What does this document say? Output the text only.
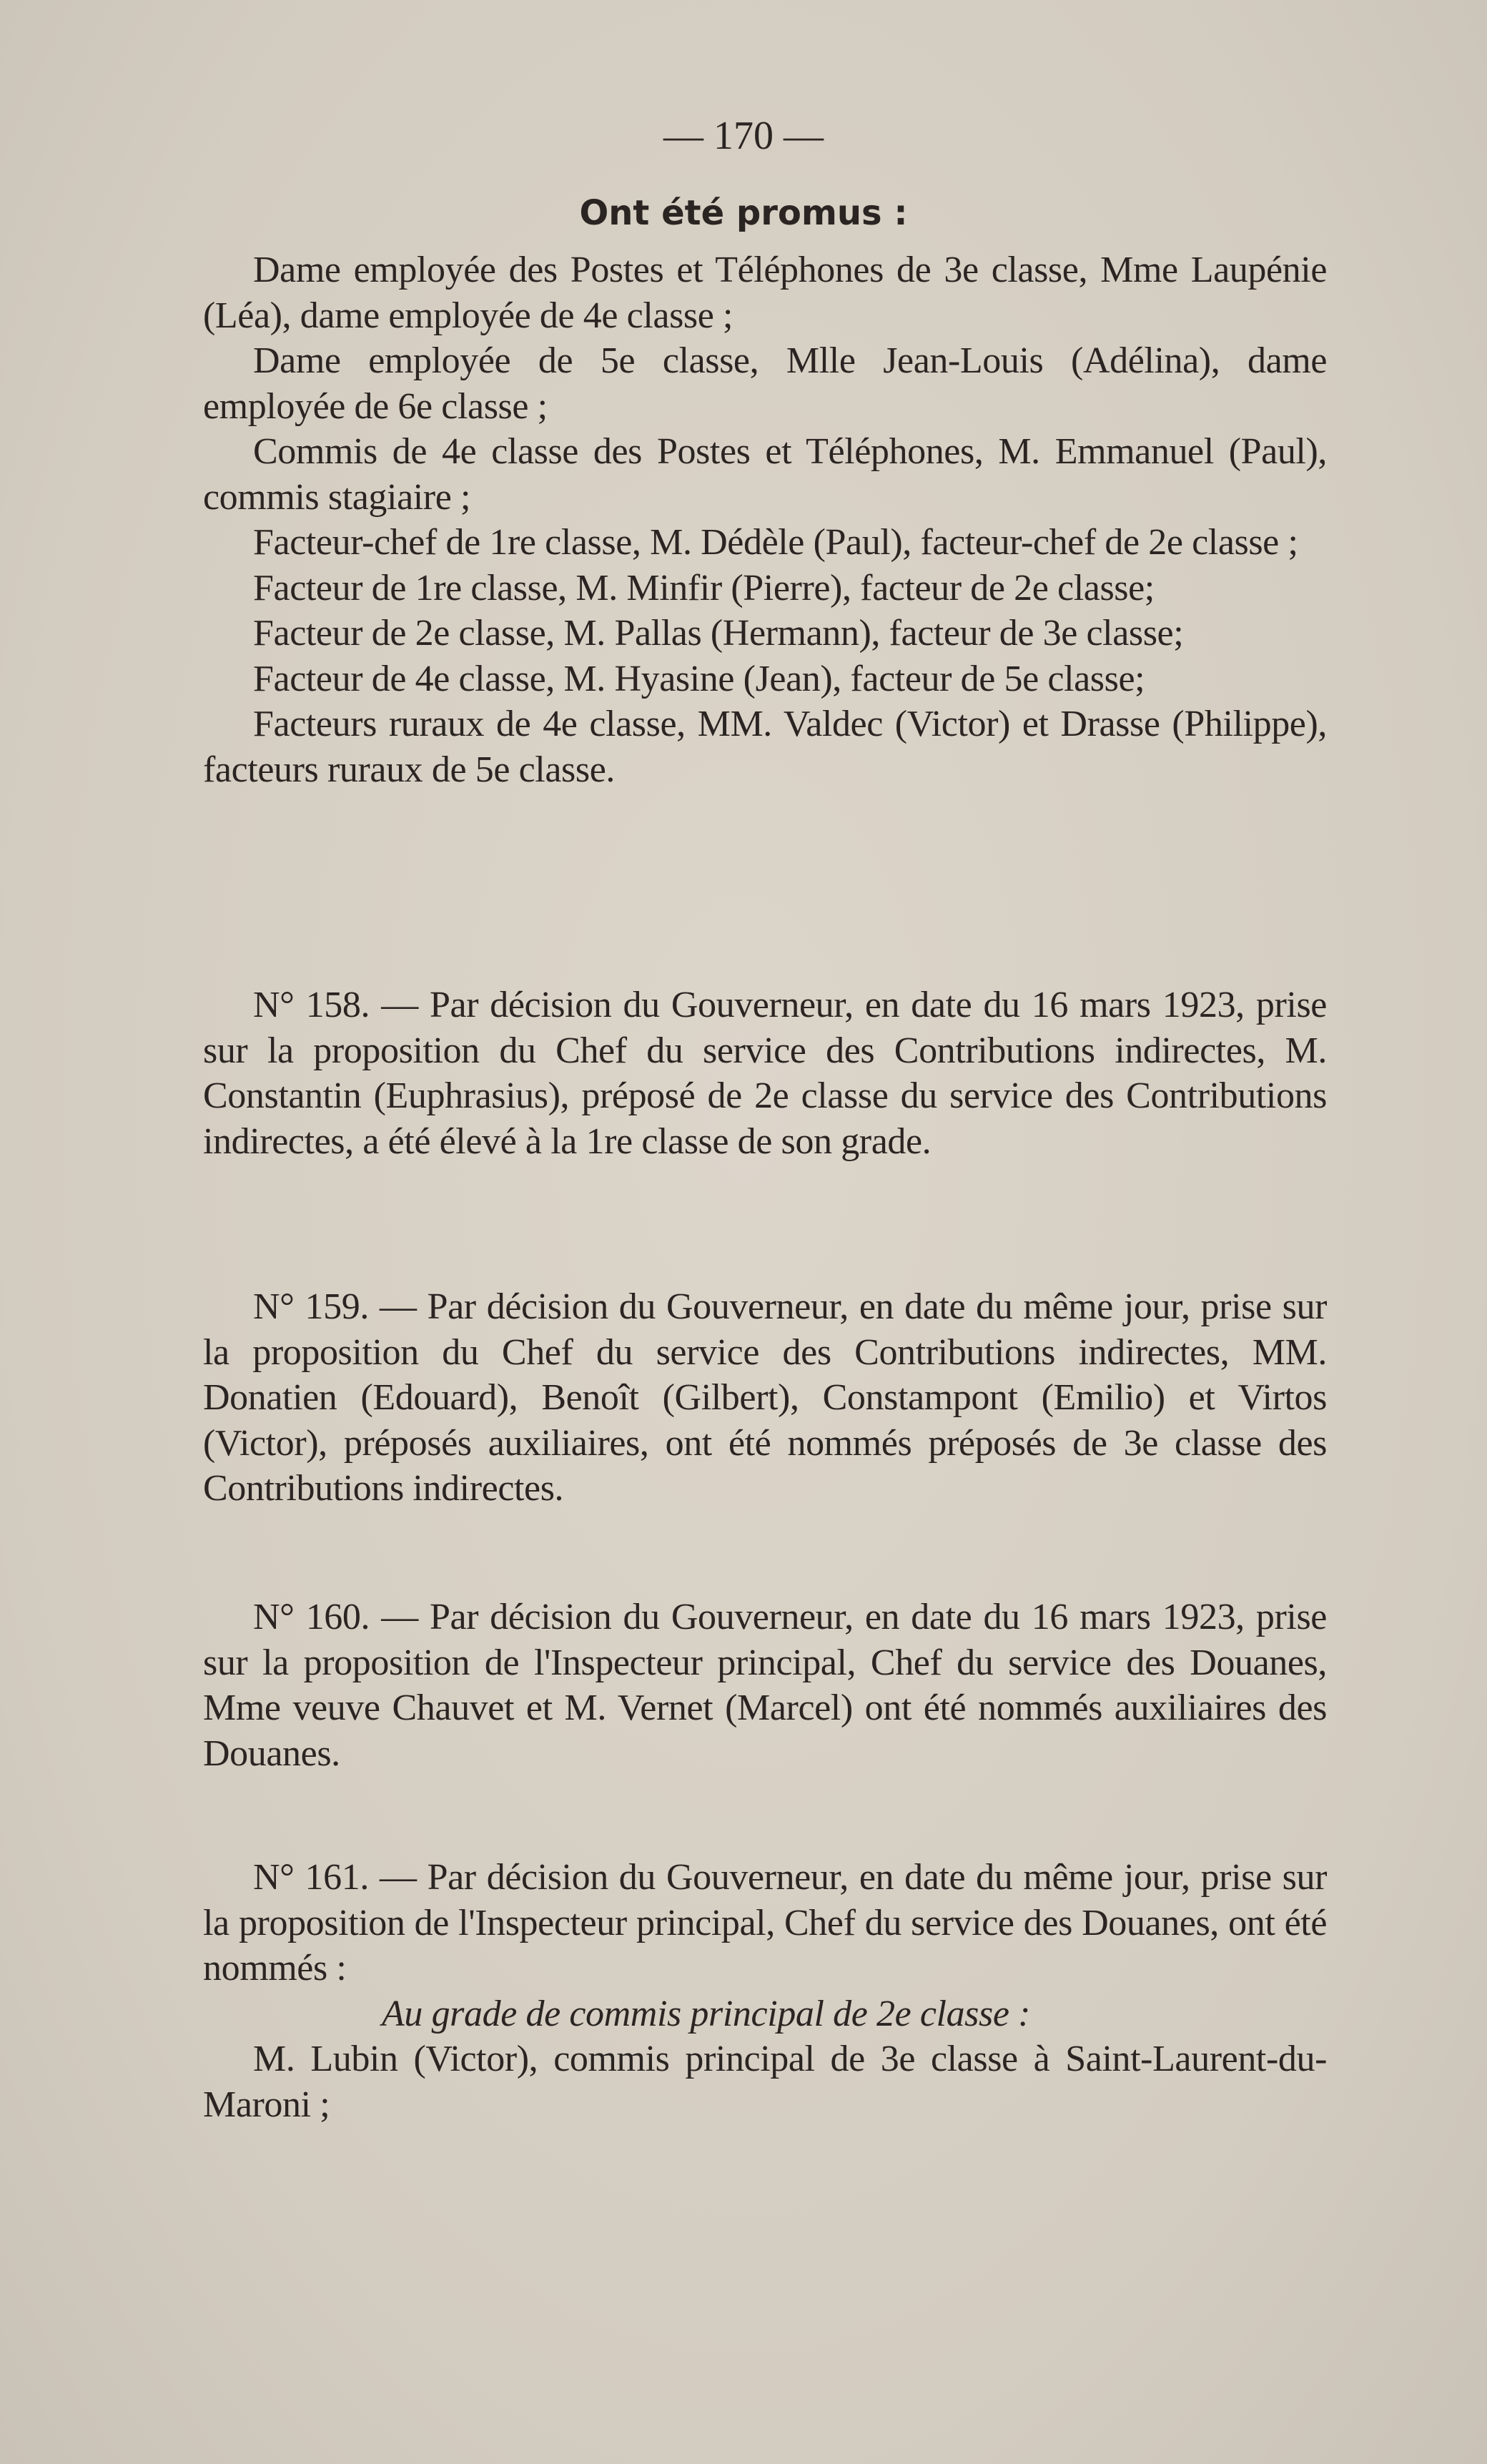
— 170 —
Ont été promus :

Dame employée des Postes et Téléphones de 3e classe, Mme Laupénie (Léa), dame employée de 4e classe ;

Dame employée de 5e classe, Mlle Jean-Louis (Adélina), dame employée de 6e classe ;

Commis de 4e classe des Postes et Téléphones, M. Emmanuel (Paul), commis stagiaire ;

Facteur-chef de 1re classe, M. Dédèle (Paul), facteur-chef de 2e classe ;

Facteur de 1re classe, M. Minfir (Pierre), facteur de 2e classe;

Facteur de 2e classe, M. Pallas (Hermann), facteur de 3e classe;

Facteur de 4e classe, M. Hyasine (Jean), facteur de 5e classe;

Facteurs ruraux de 4e classe, MM. Valdec (Victor) et Drasse (Philippe), facteurs ruraux de 5e classe.

N° 158. — Par décision du Gouverneur, en date du 16 mars 1923, prise sur la proposition du Chef du service des Contributions indirectes, M. Constantin (Euphrasius), préposé de 2e classe du service des Contributions indirectes, a été élevé à la 1re classe de son grade.

N° 159. — Par décision du Gouverneur, en date du même jour, prise sur la proposition du Chef du service des Contributions indirectes, MM. Donatien (Edouard), Benoît (Gilbert), Constampont (Emilio) et Virtos (Victor), préposés auxiliaires, ont été nommés préposés de 3e classe des Contributions indirectes.

N° 160. — Par décision du Gouverneur, en date du 16 mars 1923, prise sur la proposition de l'Inspecteur principal, Chef du service des Douanes, Mme veuve Chauvet et M. Vernet (Marcel) ont été nommés auxiliaires des Douanes.

N° 161. — Par décision du Gouverneur, en date du même jour, prise sur la proposition de l'Inspecteur principal, Chef du service des Douanes, ont été nommés :

Au grade de commis principal de 2e classe :

M. Lubin (Victor), commis principal de 3e classe à Saint-Laurent-du-Maroni ;
